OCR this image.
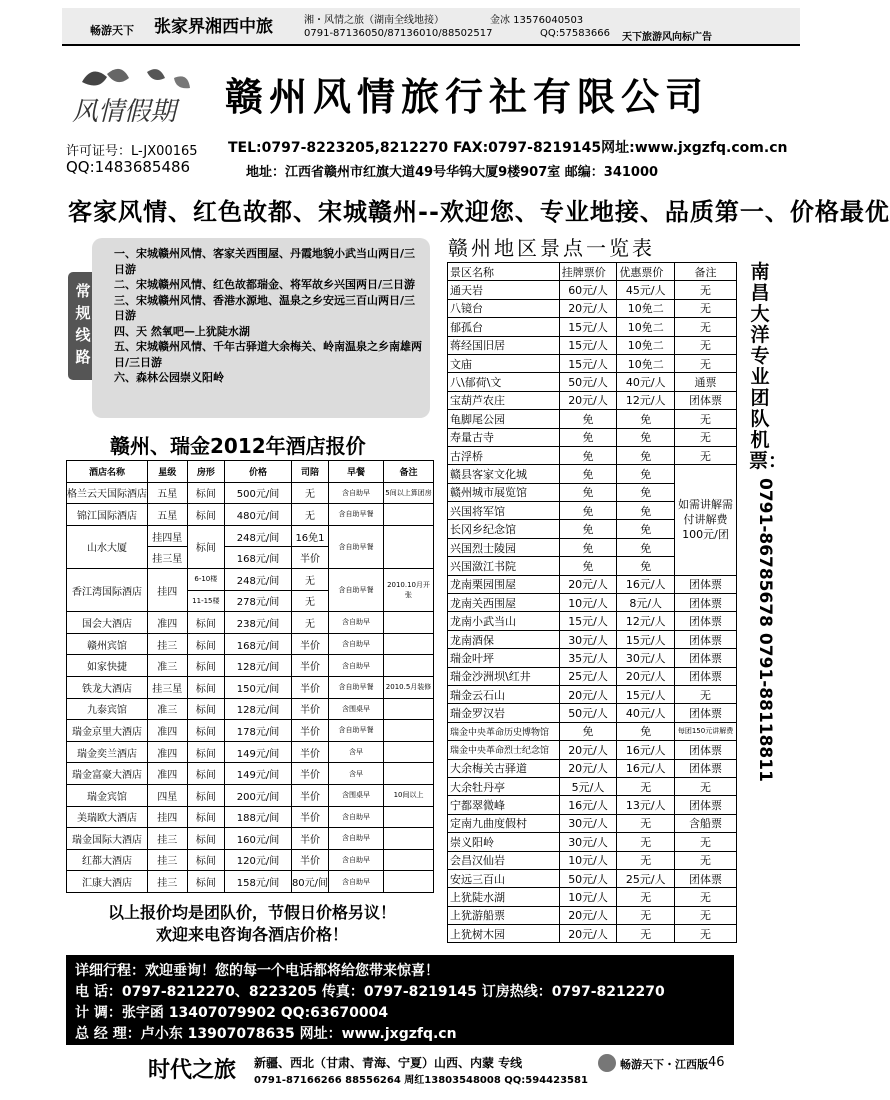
畅游天下 张家界湘西中旅	湘・风情之旅（湖南全线地接）	金冰 13576040503
0791-87136050/87136010/88502517	QQ:57583666 天下旅游风向标广告
风情假期 赣州风情旅行社有限公司
许可证号：L-JX00165 TEL:0797-8223205,8212270 FAX:0797-8219145网址:www.jxgzfq.com.cn
QQ:1483685486	地址：江西省赣州市红旗大道49号华钨大厦9楼907室 邮编：341000
客家风情、红色故都、宋城赣州--欢迎您、专业地接、品质第一、价格最优
常
规
线
路
一、宋城赣州风情、客家关西围屋、丹霞地貌小武当山两日/三日游
二、宋城赣州风情、红色故都瑞金、将军故乡兴国两日/三日游
三、宋城赣州风情、香港水源地、温泉之乡安远三百山两日/三日游
四、天 然氧吧—上犹陡水湖
五、宋城赣州风情、千年古驿道大余梅关、岭南温泉之乡南雄两日/三日游
六、森林公园崇义阳岭
赣州、瑞金2012年酒店报价
酒店名称	星级	房形	价格	司陪	早餐	备注
格兰云天国际酒店	五星	标间	500元/间	无	含自助早	5间以上算团房
锦江国际酒店	五星	标间	480元/间	无	含自助早餐	
山水大厦	挂四星	标间	248元/间	16免1	含自助早餐	
	挂三星		168元/间	半价		
香江湾国际酒店	挂四	6-10楼	248元/间	无	含自助早餐	2010.10月开张
		11-15楼	278元/间	无		
国会大酒店	准四	标间	238元/间	无	含自助早	
赣州宾馆	挂三	标间	168元/间	半价	含自助早	
如家快捷	准三	标间	128元/间	半价	含自助早	
铁龙大酒店	挂三星	标间	150元/间	半价	含自助早餐	2010.5月装修
九泰宾馆	准三	标间	128元/间	半价	含围桌早	
瑞金京里大酒店	准四	标间	178元/间	半价	含自助早餐	
瑞金奕兰酒店	准四	标间	149元/间	半价	含早	
瑞金富豪大酒店	准四	标间	149元/间	半价	含早	
瑞金宾馆	四星	标间	200元/间	半价	含围桌早	10间以上
美瑞欧大酒店	挂四	标间	188元/间	半价	含自助早	
瑞金国际大酒店	挂三	标间	160元/间	半价	含自助早	
红都大酒店	挂三	标间	120元/间	半价	含自助早	
汇康大酒店	挂三	标间	158元/间	80元/间	含自助早	
以上报价均是团队价，节假日价格另议！
欢迎来电咨询各酒店价格！
赣州地区景点一览表
景区名称	挂牌票价	优惠票价	备注
通天岩	60元/人	45元/人	无
八镜台	20元/人	10免二	无
郁孤台	15元/人	10免二	无
蒋经国旧居	15元/人	10免二	无
文庙	15元/人	10免二	无
八\郁荷\文	50元/人	40元/人	通票
宝葫芦农庄	20元/人	12元/人	团体票
龟脚尾公园	免	免	无
寿量古寺	免	免	无
古浮桥	免	免	无
赣县客家文化城	免	免	如需讲解需付讲解费100元/团
赣州城市展览馆	免	免	
兴国将军馆	免	免	
长冈乡纪念馆	免	免	
兴国烈士陵园	免	免	
兴国潋江书院	免	免	
龙南栗园围屋	20元/人	16元/人	团体票
龙南关西围屋	10元/人	8元/人	团体票
龙南小武当山	15元/人	12元/人	团体票
龙南酒保	30元/人	15元/人	团体票
瑞金叶坪	35元/人	30元/人	团体票
瑞金沙洲坝\红井	25元/人	20元/人	团体票
瑞金云石山	20元/人	15元/人	无
瑞金罗汉岩	50元/人	40元/人	团体票
瑞金中央革命历史博物馆	免	免	每团150元讲解费
瑞金中央革命烈士纪念馆	20元/人	16元/人	团体票
大余梅关古驿道	20元/人	16元/人	团体票
大余牡丹亭	5元/人	无	无
宁都翠微峰	16元/人	13元/人	团体票
定南九曲度假村	30元/人	无	含船票
崇义阳岭	30元/人	无	无
会昌汉仙岩	10元/人	无	无
安远三百山	50元/人	25元/人	团体票
上犹陡水湖	10元/人	无	无
上犹游船票	20元/人	无	无
上犹树木园	20元/人	无	无
南昌大洋专业团队机票：
0791-86785678 0791-88118811
详细行程：欢迎垂询！您的每一个电话都将给您带来惊喜！
电 话：0797-8212270、8223205 传真：0797-8219145 订房热线：0797-8212270
计 调：张宇函 13407079902 QQ:63670004
总 经 理：卢小东 13907078635 网址：www.jxgzfq.cn
时代之旅 新疆、西北（甘肃、青海、宁夏）山西、内蒙 专线
0791-87166266 88556264 周红13803548008 QQ:594423581
畅游天下・江西版 46
